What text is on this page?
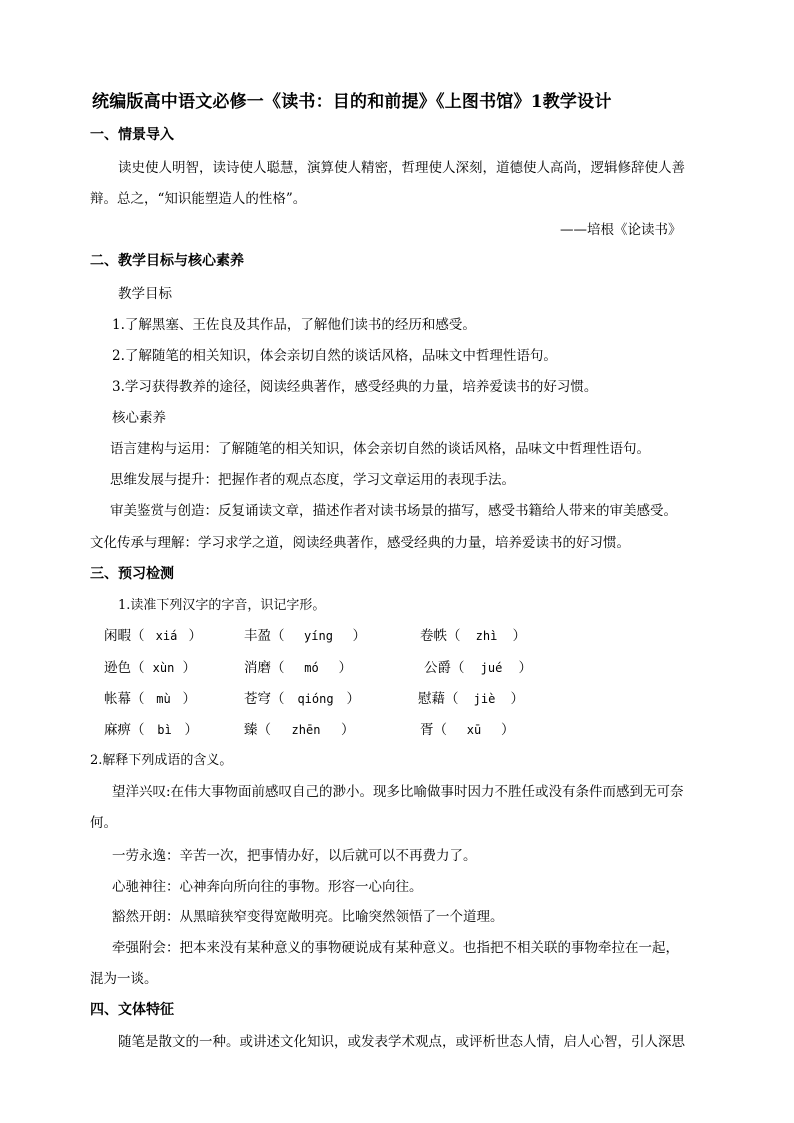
统编版高中语文必修一《读书：目的和前提》《上图书馆》1教学设计
一、情景导入
读史使人明智，读诗使人聪慧，演算使人精密，哲理使人深刻，道德使人高尚，逻辑修辞使人善
辩。总之，“知识能塑造人的性格”。
——培根《论读书》
二、教学目标与核心素养
教学目标
1.了解黑塞、王佐良及其作品，了解他们读书的经历和感受。
2.了解随笔的相关知识，体会亲切自然的谈话风格，品味文中哲理性语句。
3.学习获得教养的途径，阅读经典著作，感受经典的力量，培养爱读书的好习惯。
核心素养
语言建构与运用：了解随笔的相关知识，体会亲切自然的谈话风格，品味文中哲理性语句。
思维发展与提升：把握作者的观点态度，学习文章运用的表现手法。
审美鉴赏与创造：反复诵读文章，描述作者对读书场景的描写，感受书籍给人带来的审美感受。
文化传承与理解：学习求学之道，阅读经典著作，感受经典的力量，培养爱读书的好习惯。
三、预习检测
1.读准下列汉字的字音，识记字形。
闲暇（ xiá ）	丰盈（ yíng ）	卷帙（ zhì ）
逊色（ xùn ）	消磨（ mó ）	公爵（ jué ）
帐幕（ mù ）	苍穹（ qióng ）	慰藉（ jiè ）
麻痹（ bì ）	臻（ zhēn ）	胥（ xū ）
2.解释下列成语的含义。
望洋兴叹:在伟大事物面前感叹自己的渺小。现多比喻做事时因力不胜任或没有条件而感到无可奈
何。
一劳永逸：辛苦一次，把事情办好，以后就可以不再费力了。
心驰神往：心神奔向所向往的事物。形容一心向往。
豁然开朗：从黑暗狭窄变得宽敞明亮。比喻突然领悟了一个道理。
牵强附会：把本来没有某种意义的事物硬说成有某种意义。也指把不相关联的事物牵拉在一起，
混为一谈。
四、文体特征
随笔是散文的一种。或讲述文化知识，或发表学术观点，或评析世态人情，启人心智，引人深思
